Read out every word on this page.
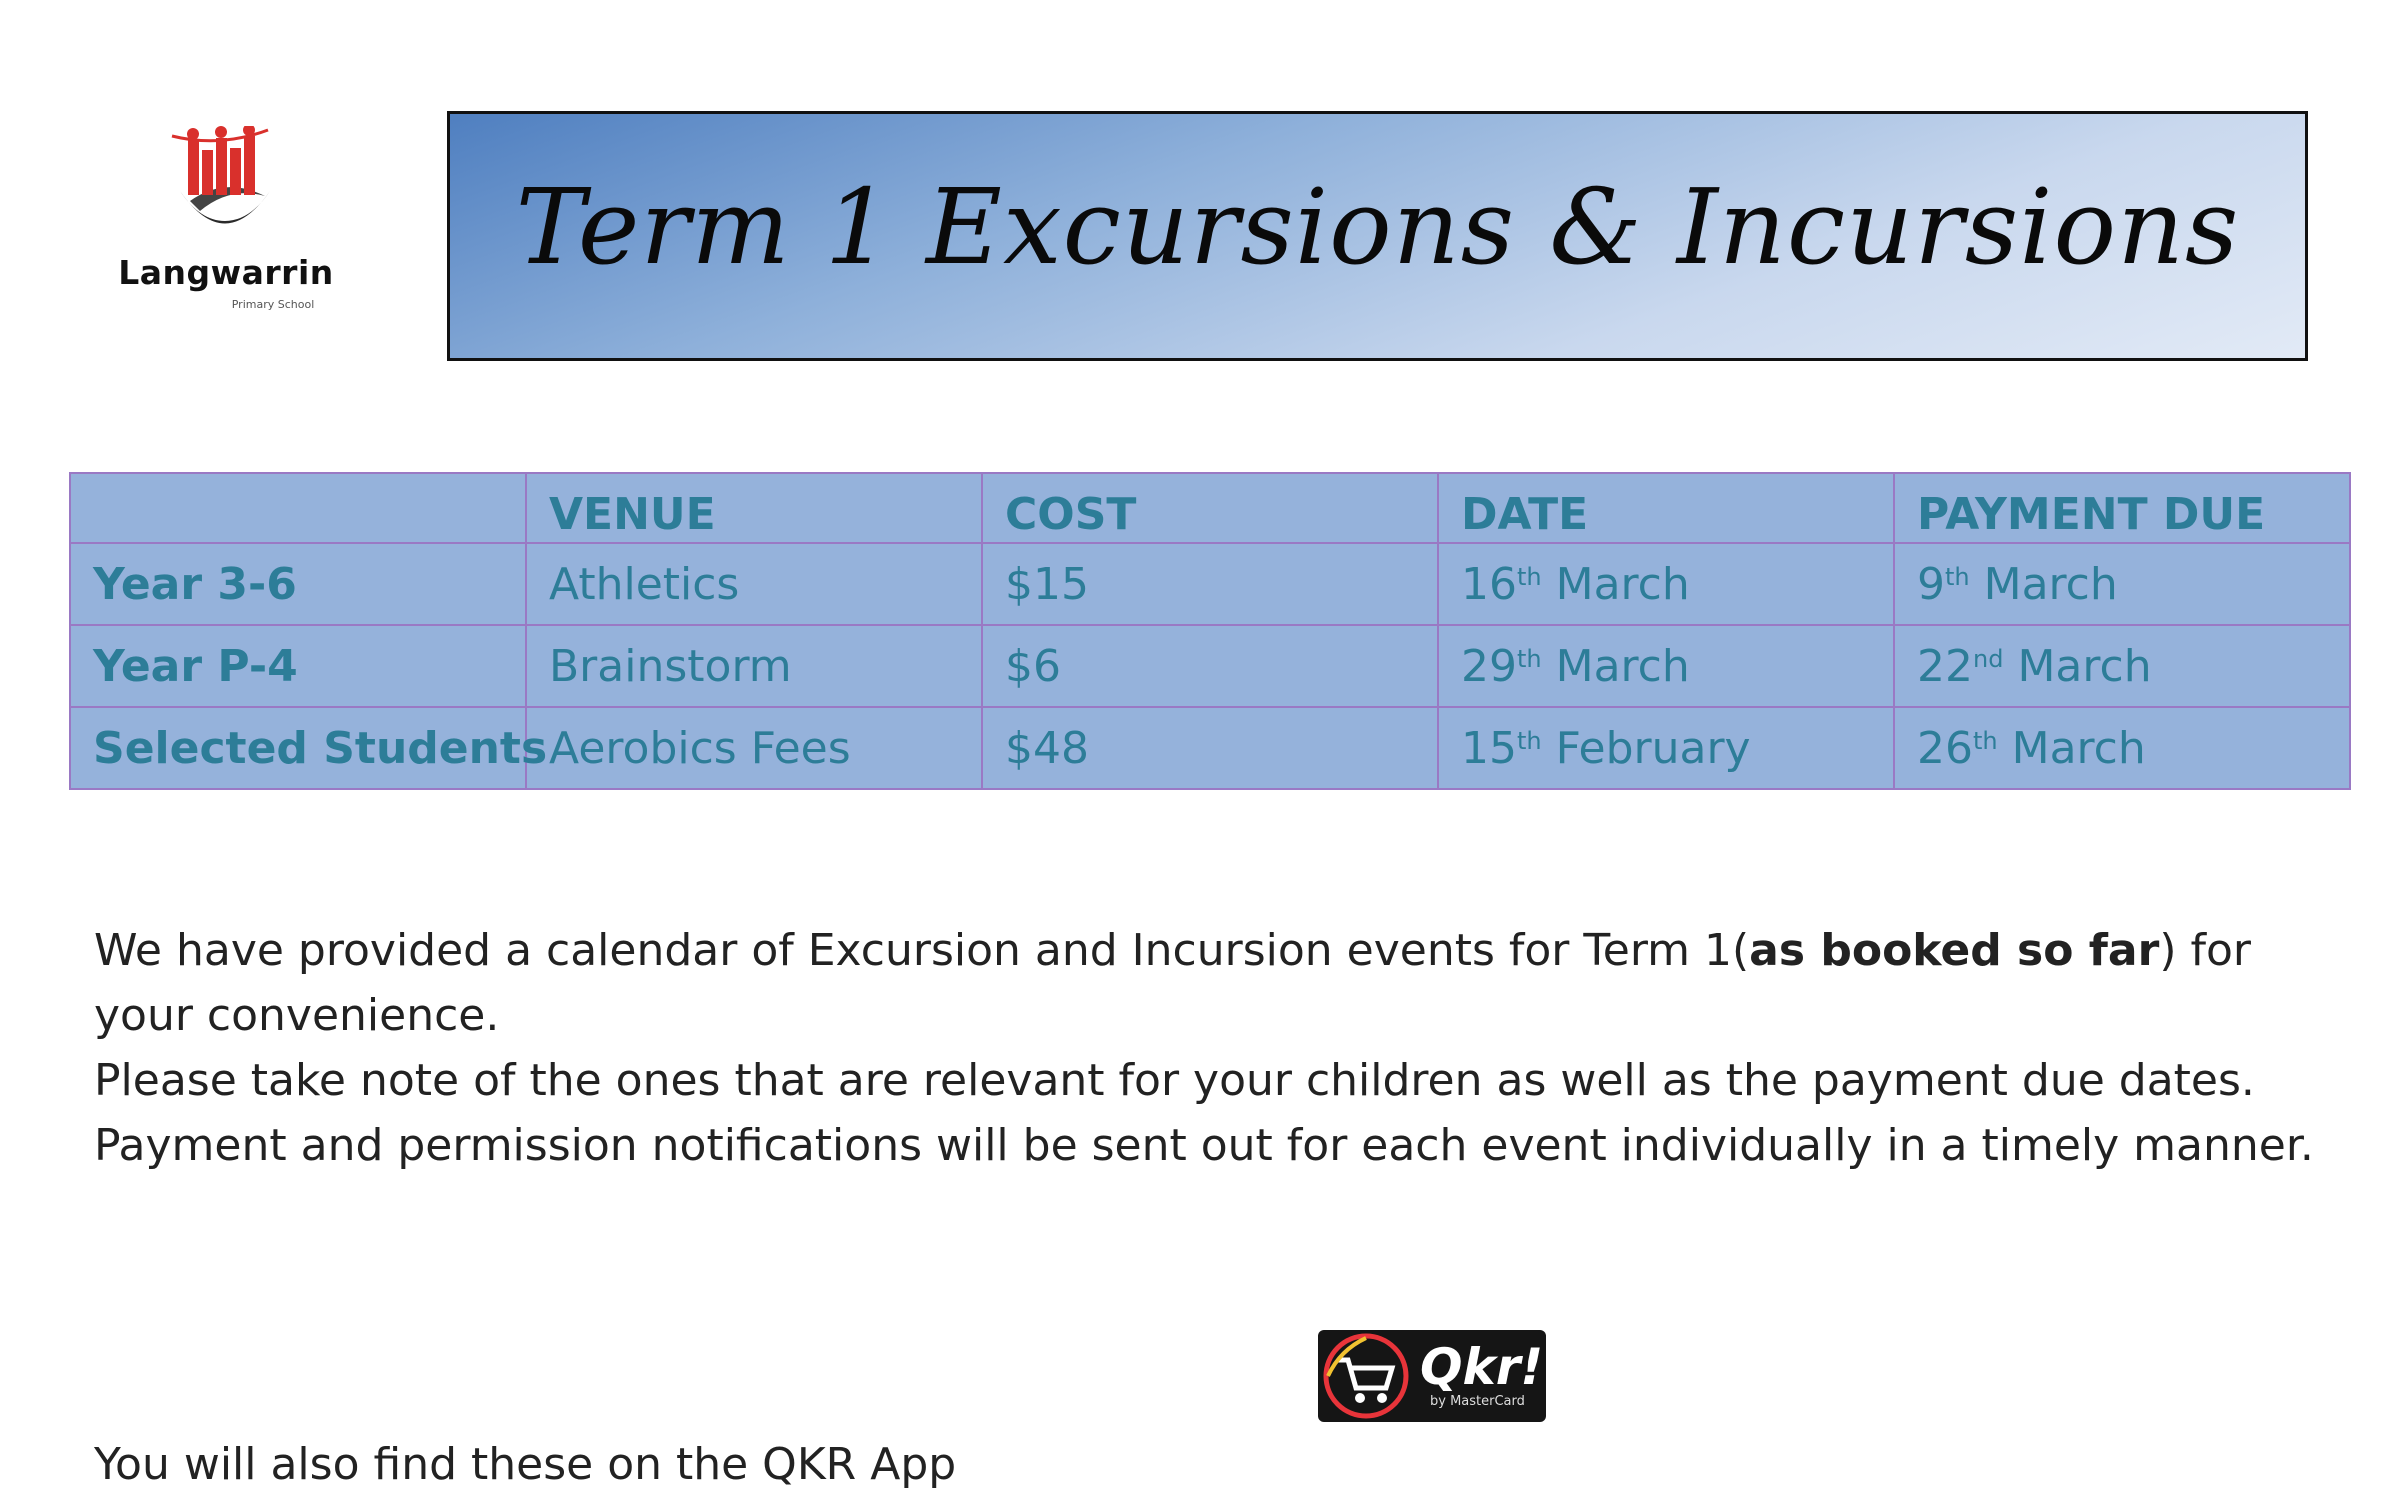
Langwarrin
Primary School
Term 1 Excursions & Incursions
	VENUE	COST	DATE	PAYMENT DUE
Year 3-6	Athletics	$15	16th March	9th March
Year P-4	Brainstorm	$6	29th March	22nd March
Selected Students	Aerobics Fees	$48	15th February	26th March

We have provided a calendar of Excursion and Incursion events for Term 1(as booked so far) for your convenience.

Please take note of the ones that are relevant for your children as well as the payment due dates.

Payment and permission notifications will be sent out for each event individually in a timely manner.

Qkr!
by MasterCard
You will also find these on the QKR App
